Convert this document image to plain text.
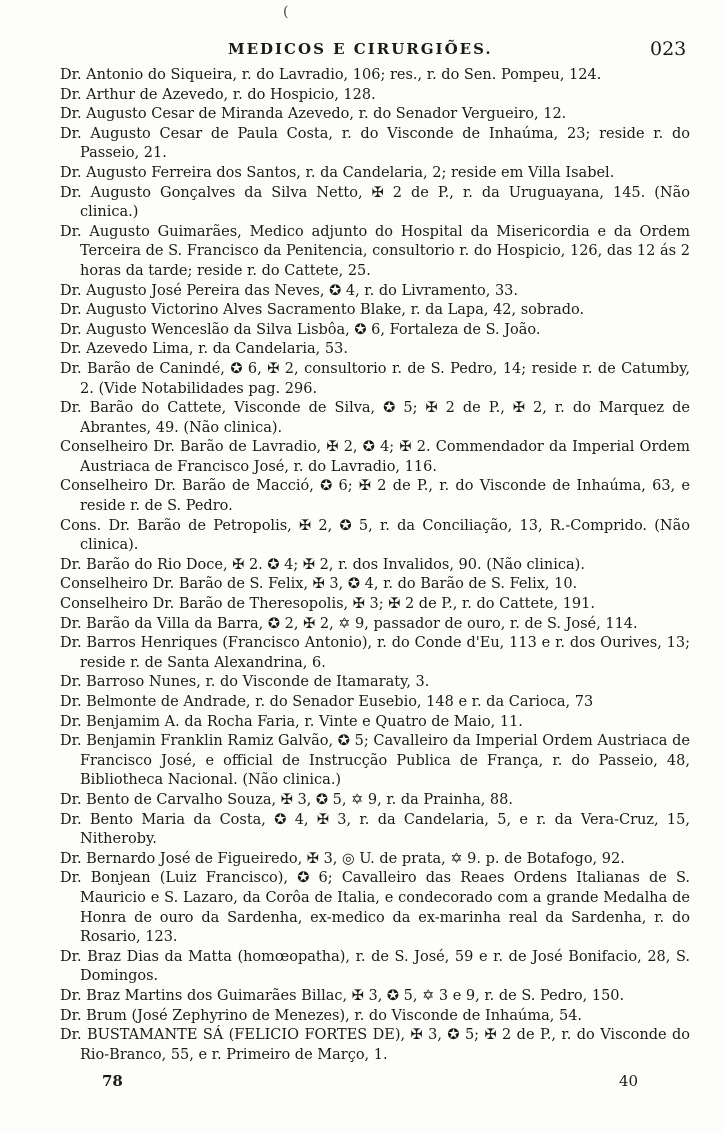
(
MEDICOS E CIRURGIÕES.	023

Dr. Antonio do Siqueira, r. do Lavradio, 106; res., r. do Sen. Pompeu, 124.

Dr. Arthur de Azevedo, r. do Hospicio, 128.

Dr. Augusto Cesar de Miranda Azevedo, r. do Senador Vergueiro, 12.

Dr. Augusto Cesar de Paula Costa, r. do Visconde de Inhaúma, 23; reside r. do Passeio, 21.

Dr. Augusto Ferreira dos Santos, r. da Candelaria, 2; reside em Villa Isabel.

Dr. Augusto Gonçalves da Silva Netto, ✠ 2 de P., r. da Uruguayana, 145. (Não clinica.)

Dr. Augusto Guimarães, Medico adjunto do Hospital da Misericordia e da Ordem Terceira de S. Francisco da Penitencia, consultorio r. do Hospicio, 126, das 12 ás 2 horas da tarde; reside r. do Cattete, 25.

Dr. Augusto José Pereira das Neves, ✪ 4, r. do Livramento, 33.

Dr. Augusto Victorino Alves Sacramento Blake, r. da Lapa, 42, sobrado.

Dr. Augusto Wenceslão da Silva Lisbôa, ✪ 6, Fortaleza de S. João.

Dr. Azevedo Lima, r. da Candelaria, 53.

Dr. Barão de Canindé, ✪ 6, ✠ 2, consultorio r. de S. Pedro, 14; reside r. de Catumby, 2. (Vide Notabilidades pag. 296.

Dr. Barão do Cattete, Visconde de Silva, ✪ 5; ✠ 2 de P., ✠ 2, r. do Marquez de Abrantes, 49. (Não clinica).

Conselheiro Dr. Barão de Lavradio, ✠ 2, ✪ 4; ✠ 2. Commendador da Imperial Ordem Austriaca de Francisco José, r. do Lavradio, 116.

Conselheiro Dr. Barão de Macció, ✪ 6; ✠ 2 de P., r. do Visconde de Inhaúma, 63, e reside r. de S. Pedro.

Cons. Dr. Barão de Petropolis, ✠ 2, ✪ 5, r. da Conciliação, 13, R.-Comprido. (Não clinica).

Dr. Barão do Rio Doce, ✠ 2. ✪ 4; ✠ 2, r. dos Invalidos, 90. (Não clinica).

Conselheiro Dr. Barão de S. Felix, ✠ 3, ✪ 4, r. do Barão de S. Felix, 10.

Conselheiro Dr. Barão de Theresopolis, ✠ 3; ✠ 2 de P., r. do Cattete, 191.

Dr. Barão da Villa da Barra, ✪ 2, ✠ 2, ✡ 9, passador de ouro, r. de S. José, 114.

Dr. Barros Henriques (Francisco Antonio), r. do Conde d'Eu, 113 e r. dos Ourives, 13; reside r. de Santa Alexandrina, 6.

Dr. Barroso Nunes, r. do Visconde de Itamaraty, 3.

Dr. Belmonte de Andrade, r. do Senador Eusebio, 148 e r. da Carioca, 73

Dr. Benjamim A. da Rocha Faria, r. Vinte e Quatro de Maio, 11.

Dr. Benjamin Franklin Ramiz Galvão, ✪ 5; Cavalleiro da Imperial Ordem Austriaca de Francisco José, e official de Instrucção Publica de França, r. do Passeio, 48, Bibliotheca Nacional. (Não clinica.)

Dr. Bento de Carvalho Souza, ✠ 3, ✪ 5, ✡ 9, r. da Prainha, 88.

Dr. Bento Maria da Costa, ✪ 4, ✠ 3, r. da Candelaria, 5, e r. da Vera-Cruz, 15, Nitheroby.

Dr. Bernardo José de Figueiredo, ✠ 3, ◎ U. de prata, ✡ 9. p. de Botafogo, 92.

Dr. Bonjean (Luiz Francisco), ✪ 6; Cavalleiro das Reaes Ordens Italianas de S. Mauricio e S. Lazaro, da Corôa de Italia, e condecorado com a grande Medalha de Honra de ouro da Sardenha, ex-medico da ex-marinha real da Sardenha, r. do Rosario, 123.

Dr. Braz Dias da Matta (homœopatha), r. de S. José, 59 e r. de José Bonifacio, 28, S. Domingos.

Dr. Braz Martins dos Guimarães Billac, ✠ 3, ✪ 5, ✡ 3 e 9, r. de S. Pedro, 150.

Dr. Brum (José Zephyrino de Menezes), r. do Visconde de Inhaúma, 54.

Dr. BUSTAMANTE SÁ (FELICIO FORTES DE), ✠ 3, ✪ 5; ✠ 2 de P., r. do Visconde do Rio-Branco, 55, e r. Primeiro de Março, 1.

78	40
